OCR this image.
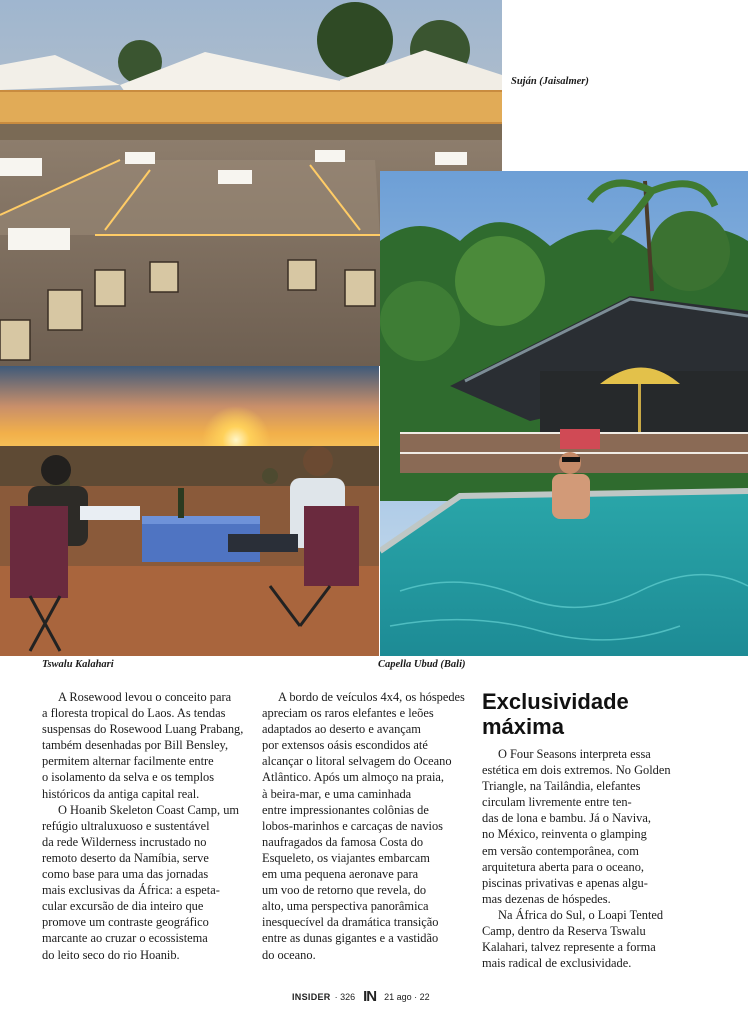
Suján (Jaisalmer)
Tswalu Kalahari	Capella Ubud (Bali)

A Rosewood levou o conceito para
a floresta tropical do Laos. As tendas
suspensas do Rosewood Luang Prabang,
também desenhadas por Bill Bensley,
permitem alternar facilmente entre
o isolamento da selva e os templos
históricos da antiga capital real.

O Hoanib Skeleton Coast Camp, um
refúgio ultraluxuoso e sustentável
da rede Wilderness incrustado no
remoto deserto da Namíbia, serve
como base para uma das jornadas
mais exclusivas da África: a espeta-
cular excursão de dia inteiro que
promove um contraste geográfico
marcante ao cruzar o ecossistema
do leito seco do rio Hoanib.

A bordo de veículos 4x4, os hóspedes
apreciam os raros elefantes e leões
adaptados ao deserto e avançam
por extensos oásis escondidos até
alcançar o litoral selvagem do Oceano
Atlântico. Após um almoço na praia,
à beira-mar, e uma caminhada
entre impressionantes colônias de
lobos-marinhos e carcaças de navios
naufragados da famosa Costa do
Esqueleto, os viajantes embarcam
em uma pequena aeronave para
um voo de retorno que revela, do
alto, uma perspectiva panorâmica
inesquecível da dramática transição
entre as dunas gigantes e a vastidão
do oceano.

Exclusividade
máxima

O Four Seasons interpreta essa
estética em dois extremos. No Golden
Triangle, na Tailândia, elefantes
circulam livremente entre ten-
das de lona e bambu. Já o Naviva,
no México, reinventa o glamping
em versão contemporânea, com
arquitetura aberta para o oceano,
piscinas privativas e apenas algu-
mas dezenas de hóspedes.

Na África do Sul, o Loapi Tented
Camp, dentro da Reserva Tswalu
Kalahari, talvez represente a forma
mais radical de exclusividade.

INSIDER · 326 IN 21 ago · 22
